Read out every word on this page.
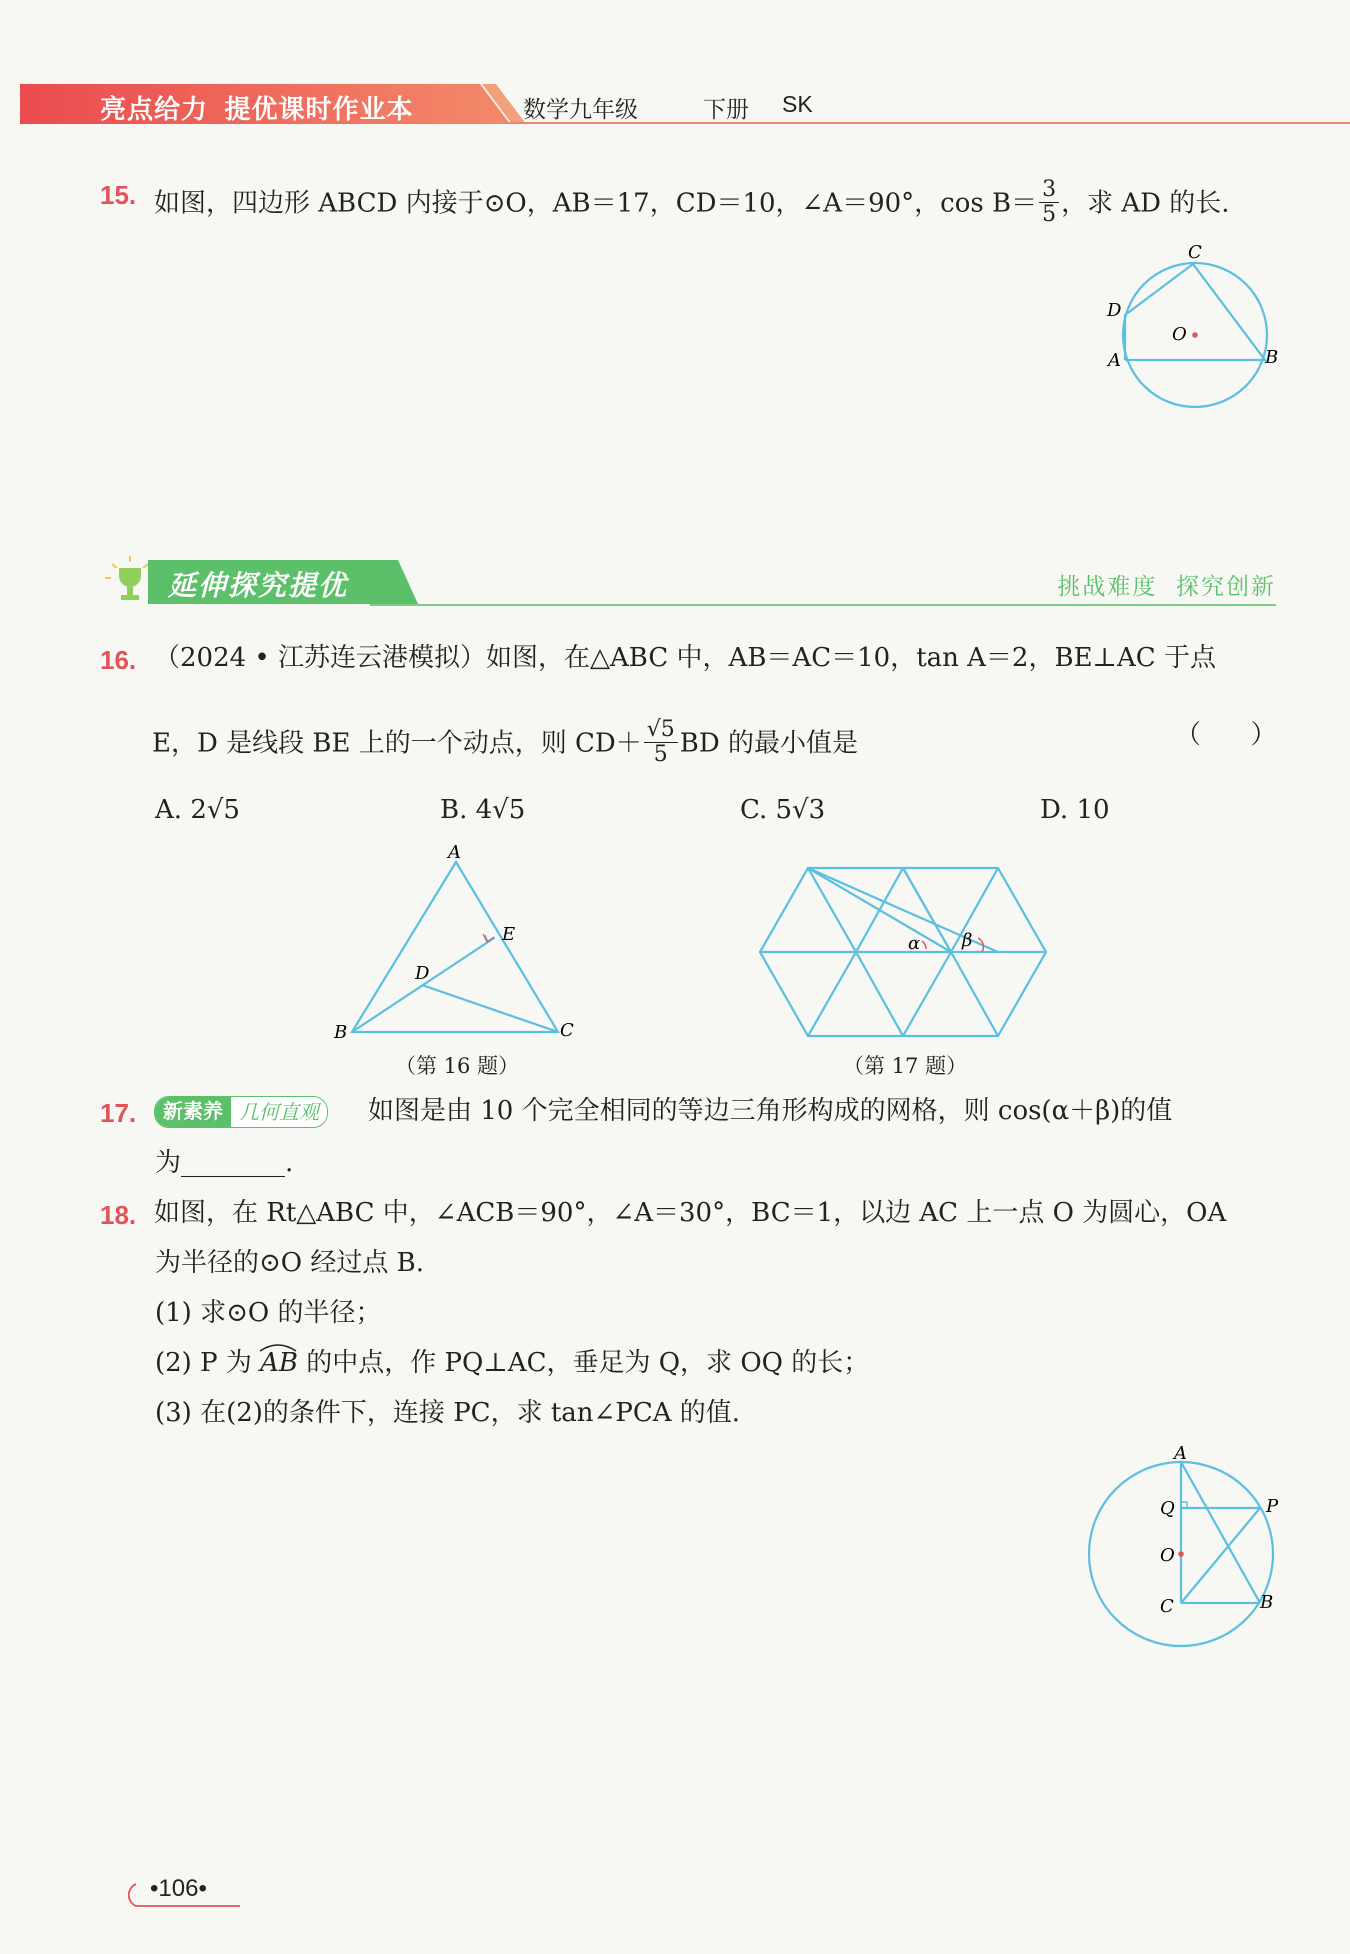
亮点给力  提优课时作业本	数学九年级	下册 SK
15. 如图，四边形 ABCD 内接于⊙O，AB＝17，CD＝10，∠A＝90°，$\cos B= \frac{3}{5}$ ，求 AD 的长.
C
D
A	B
O
延伸探究提优	挑战难度  探究创新
16. （2024 • 江苏连云港模拟）如图，在△ABC 中，AB＝AC＝10，tan A＝2，BE⊥AC 于点
E，D 是线段 BE 上的一个动点，则 $CD+ \frac{√5}{5}$ BD 的最小值是	（      ）
A. 2√5	B. 4√5	C. 5√3	D. 10
A
E
D
B	C
（第 16 题）
α β
（第 17 题）
17.	新素养 几何直观	如图是由 10 个完全相同的等边三角形构成的网格，则 cos(α＋β)的值
为________.
18. 如图，在 Rt△ABC 中，∠ACB＝90°，∠A＝30°，BC＝1，以边 AC 上一点 O 为圆心，OA
为半径的⊙O 经过点 B.
(1) 求⊙O 的半径；
(2) P 为 AB 的中点，作 PQ⊥AC，垂足为 Q，求 OQ 的长；
(3) 在(2)的条件下，连接 PC，求 tan∠PCA 的值.
A
Q	P
O
C	B
•106•
